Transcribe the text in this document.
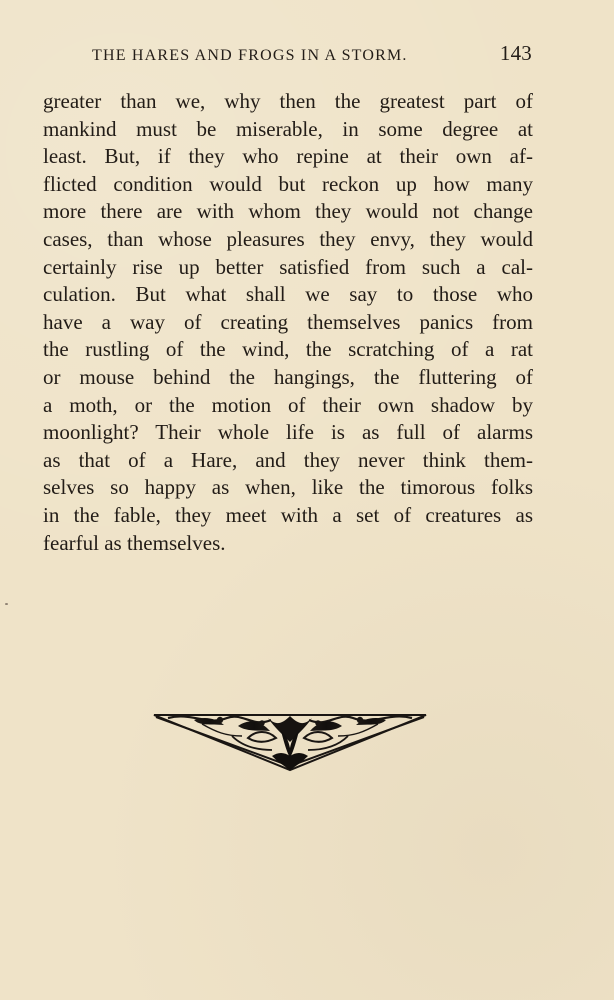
THE HARES AND FROGS IN A STORM.	143
greater than we, why then the greatest part of
mankind must be miserable, in some degree at
least. But, if they who repine at their own af-
flicted condition would but reckon up how many
more there are with whom they would not change
cases, than whose pleasures they envy, they would
certainly rise up better satisfied from such a cal-
culation. But what shall we say to those who
have a way of creating themselves panics from
the rustling of the wind, the scratching of a rat
or mouse behind the hangings, the fluttering of
a moth, or the motion of their own shadow by
moonlight? Their whole life is as full of alarms
as that of a Hare, and they never think them-
selves so happy as when, like the timorous folks
in the fable, they meet with a set of creatures as
fearful as themselves.
